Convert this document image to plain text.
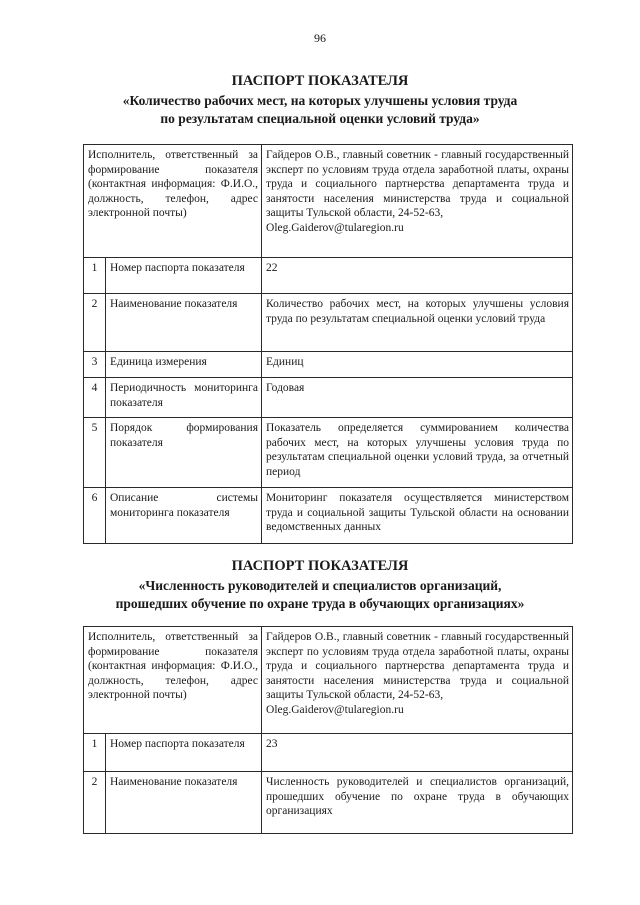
96
ПАСПОРТ ПОКАЗАТЕЛЯ
«Количество рабочих мест, на которых улучшены условия труда
по результатам специальной оценки условий труда»
Исполнитель, ответственный за формирование показателя (контактная информация: Ф.И.О., должность, телефон, адрес электронной почты)		Гайдеров О.В., главный советник - главный государственный эксперт по условиям труда отдела заработной платы, охраны труда и социального партнерства департамента труда и занятости населения министерства труда и социальной защиты Тульской области, 24-52-63,
Oleg.Gaiderov@tularegion.ru
1	Номер паспорта показателя	22
2	Наименование показателя	Количество рабочих мест, на которых улучшены условия труда по результатам специальной оценки условий труда
3	Единица измерения	Единиц
4	Периодичность мониторинга показателя	Годовая
5	Порядок формирования показателя	Показатель определяется суммированием количества рабочих мест, на которых улучшены условия труда по результатам специальной оценки условий труда, за отчетный период
6	Описание системы мониторинга показателя	Мониторинг показателя осуществляется министерством труда и социальной защиты Тульской области на основании ведомственных данных
ПАСПОРТ ПОКАЗАТЕЛЯ
«Численность руководителей и специалистов организаций,
прошедших обучение по охране труда в обучающих организациях»
Исполнитель, ответственный за формирование показателя (контактная информация: Ф.И.О., должность, телефон, адрес электронной почты)		Гайдеров О.В., главный советник - главный государственный эксперт по условиям труда отдела заработной платы, охраны труда и социального партнерства департамента труда и занятости населения министерства труда и социальной защиты Тульской области, 24-52-63,
Oleg.Gaiderov@tularegion.ru
1	Номер паспорта показателя	23
2	Наименование показателя	Численность руководителей и специалистов организаций, прошедших обучение по охране труда в обучающих организациях
